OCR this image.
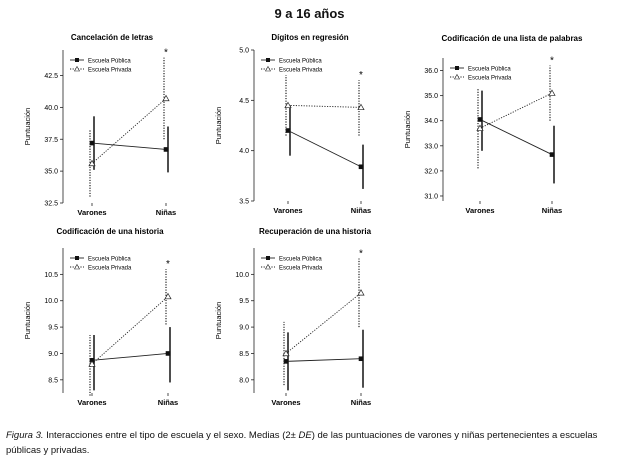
9 a 16 años
Cancelación de letras
32.5
35.0
37.5
40.0
42.5
Puntuación
Varones	Niñas
*
Escuela Pública
Escuela Privada
Dígitos en regresión
3.5
4.0
4.5
5.0
Puntuación
Varones	Niñas
*
Escuela Pública
Escuela Privada
Codificación de una lista de palabras
31.0
32.0
33.0
34.0
35.0
36.0
Puntuación
Varones	Niñas
*
Escuela Pública
Escuela Privada
Codificación de una historia
8.5
9.0
9.5
10.0
10.5
Puntuación
Varones	Niñas
*
Escuela Pública
Escuela Privada
Recuperación de una historia
8.0
8.5
9.0
9.5
10.0
Puntuación
Varones	Niñas
*
Escuela Pública
Escuela Privada
Figura 3. Interacciones entre el tipo de escuela y el sexo. Medias (2± DE) de las puntuaciones de varones y niñas pertenecientes a escuelas públicas y privadas.
